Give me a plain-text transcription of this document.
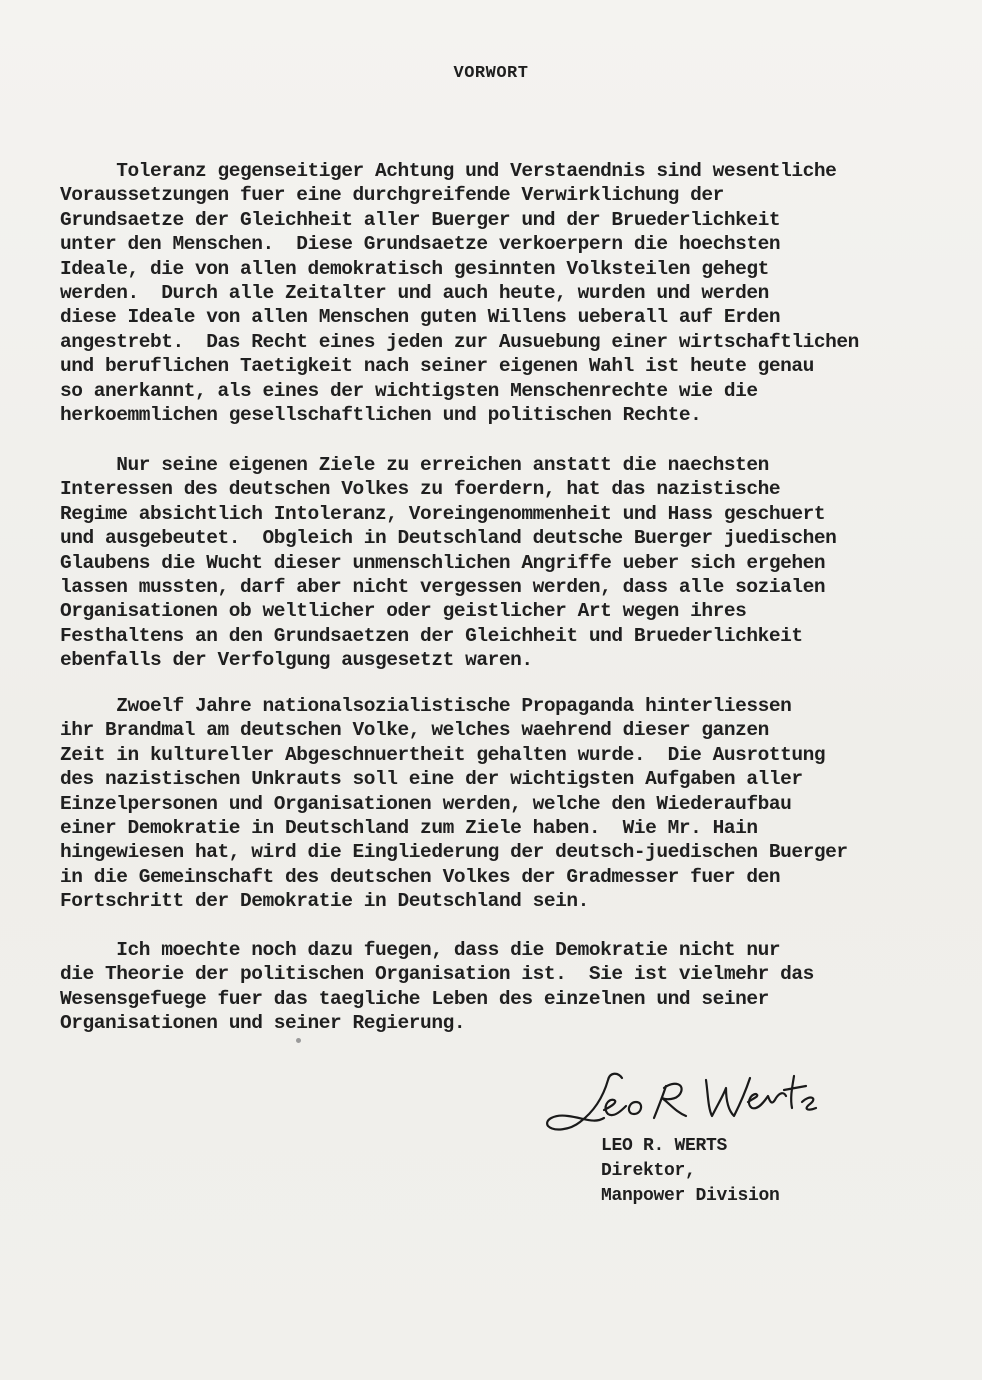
VORWORT

Toleranz gegenseitiger Achtung und Verstaendnis sind wesentliche
Voraussetzungen fuer eine durchgreifende Verwirklichung der
Grundsaetze der Gleichheit aller Buerger und der Bruederlichkeit
unter den Menschen.  Diese Grundsaetze verkoerpern die hoechsten
Ideale, die von allen demokratisch gesinnten Volksteilen gehegt
werden.  Durch alle Zeitalter und auch heute, wurden und werden
diese Ideale von allen Menschen guten Willens ueberall auf Erden
angestrebt.  Das Recht eines jeden zur Ausuebung einer wirtschaftlichen
und beruflichen Taetigkeit nach seiner eigenen Wahl ist heute genau
so anerkannt, als eines der wichtigsten Menschenrechte wie die
herkoemmlichen gesellschaftlichen und politischen Rechte.

Nur seine eigenen Ziele zu erreichen anstatt die naechsten
Interessen des deutschen Volkes zu foerdern, hat das nazistische
Regime absichtlich Intoleranz, Voreingenommenheit und Hass geschuert
und ausgebeutet.  Obgleich in Deutschland deutsche Buerger juedischen
Glaubens die Wucht dieser unmenschlichen Angriffe ueber sich ergehen
lassen mussten, darf aber nicht vergessen werden, dass alle sozialen
Organisationen ob weltlicher oder geistlicher Art wegen ihres
Festhaltens an den Grundsaetzen der Gleichheit und Bruederlichkeit
ebenfalls der Verfolgung ausgesetzt waren.

Zwoelf Jahre nationalsozialistische Propaganda hinterliessen
ihr Brandmal am deutschen Volke, welches waehrend dieser ganzen
Zeit in kultureller Abgeschnuertheit gehalten wurde.  Die Ausrottung
des nazistischen Unkrauts soll eine der wichtigsten Aufgaben aller
Einzelpersonen und Organisationen werden, welche den Wiederaufbau
einer Demokratie in Deutschland zum Ziele haben.  Wie Mr. Hain
hingewiesen hat, wird die Eingliederung der deutsch-juedischen Buerger
in die Gemeinschaft des deutschen Volkes der Gradmesser fuer den
Fortschritt der Demokratie in Deutschland sein.

Ich moechte noch dazu fuegen, dass die Demokratie nicht nur
die Theorie der politischen Organisation ist.  Sie ist vielmehr das
Wesensgefuege fuer das taegliche Leben des einzelnen und seiner
Organisationen und seiner Regierung.

LEO R. WERTS
Direktor,
Manpower Division
